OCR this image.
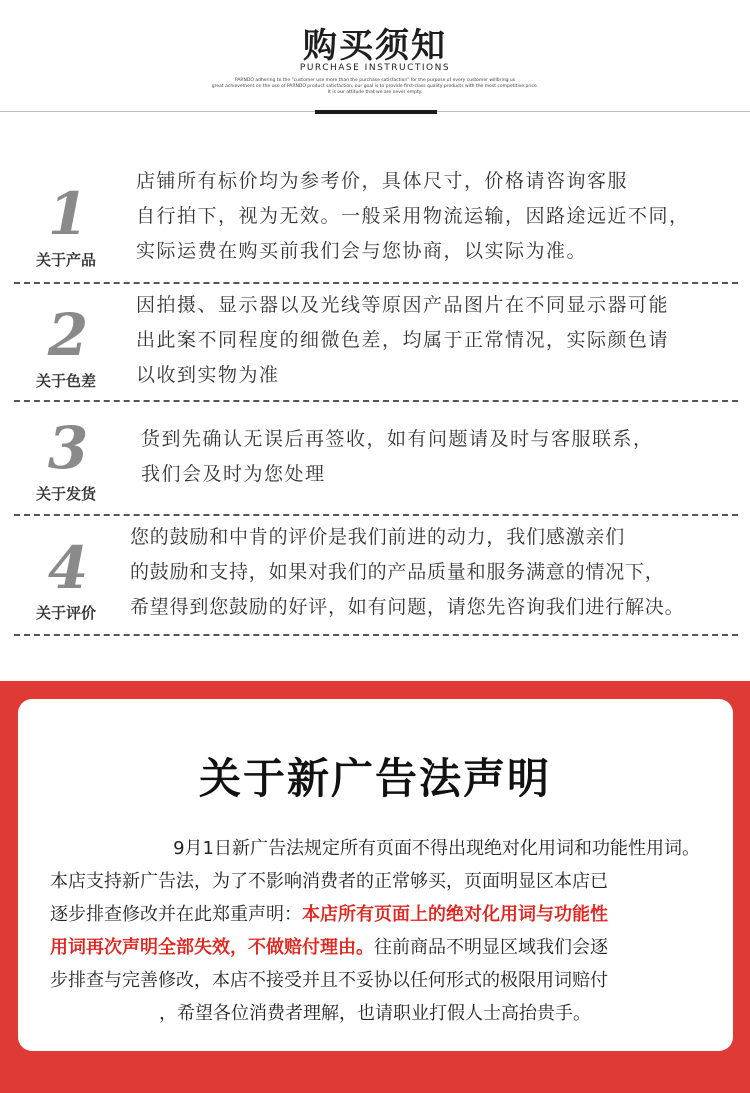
购买须知
PURCHASE INSTRUCTIONS
PARNDO adhering to the "customer use more than the purchase satisfaction" for the purpose of every customer willbring us
great achievement on the use of PARNDO product satisfaction, our goal is to provide first-class quality products with the most competitive price.
It is our attitude that we are never empty.
1
关于产品
店铺所有标价均为参考价，具体尺寸，价格请咨询客服
自行拍下，视为无效。一般采用物流运输，因路途远近不同，
实际运费在购买前我们会与您协商，以实际为准。
2
关于色差
因拍摄、显示器以及光线等原因产品图片在不同显示器可能
出此案不同程度的细微色差，均属于正常情况，实际颜色请
以收到实物为准
3
关于发货
货到先确认无误后再签收，如有问题请及时与客服联系，
我们会及时为您处理
4
关于评价
您的鼓励和中肯的评价是我们前进的动力，我们感激亲们
的鼓励和支持，如果对我们的产品质量和服务满意的情况下，
希望得到您鼓励的好评，如有问题，请您先咨询我们进行解决。
关于新广告法声明

9月1日新广告法规定所有页面不得出现绝对化用词和功能性用词。

本店支持新广告法，为了不影响消费者的正常够买，页面明显区本店已

逐步排查修改并在此郑重声明：本店所有页面上的绝对化用词与功能性

用词再次声明全部失效，不做赔付理由。往前商品不明显区域我们会逐

步排查与完善修改，本店不接受并且不妥协以任何形式的极限用词赔付

，希望各位消费者理解，也请职业打假人士高抬贵手。
